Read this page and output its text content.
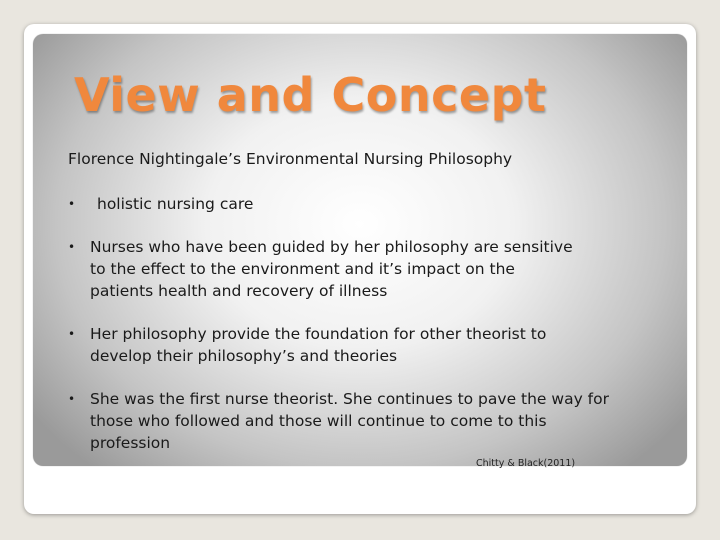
View and Concept
Florence Nightingale’s Environmental Nursing Philosophy
• holistic nursing care
• Nurses who have been guided by her philosophy are sensitive to the effect to the environment and it’s impact on the patients health and recovery of illness
• Her philosophy provide the foundation for other theorist to develop their philosophy’s and theories
• She was the first nurse theorist. She continues to pave the way for those who followed and those will continue to come to this profession
Chitty & Black(2011)
